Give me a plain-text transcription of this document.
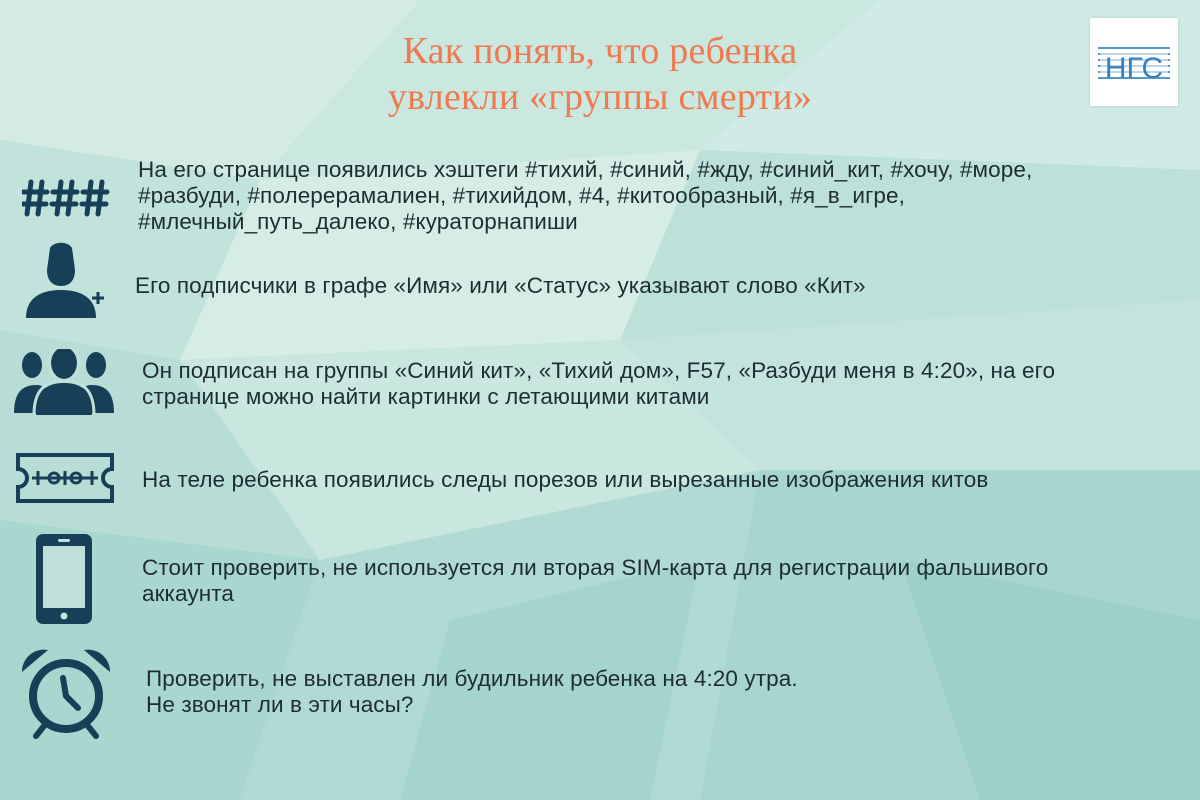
Как понять, что ребенка
увлекли «группы смерти»
НГС
На его странице появились хэштеги #тихий, #синий, #жду, #синий_кит, #хочу, #море,
#разбуди, #полерерамалиен, #тихийдом, #4, #китообразный, #я_в_игре,
#млечный_путь_далеко, #кураторнапиши
Его подписчики в графе «Имя» или «Статус» указывают слово «Кит»
Он подписан на группы «Синий кит», «Тихий дом», F57, «Разбуди меня в 4:20», на его
странице можно найти картинки с летающими китами
На теле ребенка появились следы порезов или вырезанные изображения китов
Стоит проверить, не используется ли вторая SIM-карта для регистрации фальшивого
аккаунта
Проверить, не выставлен ли будильник ребенка на 4:20 утра.
Не звонят ли в эти часы?
